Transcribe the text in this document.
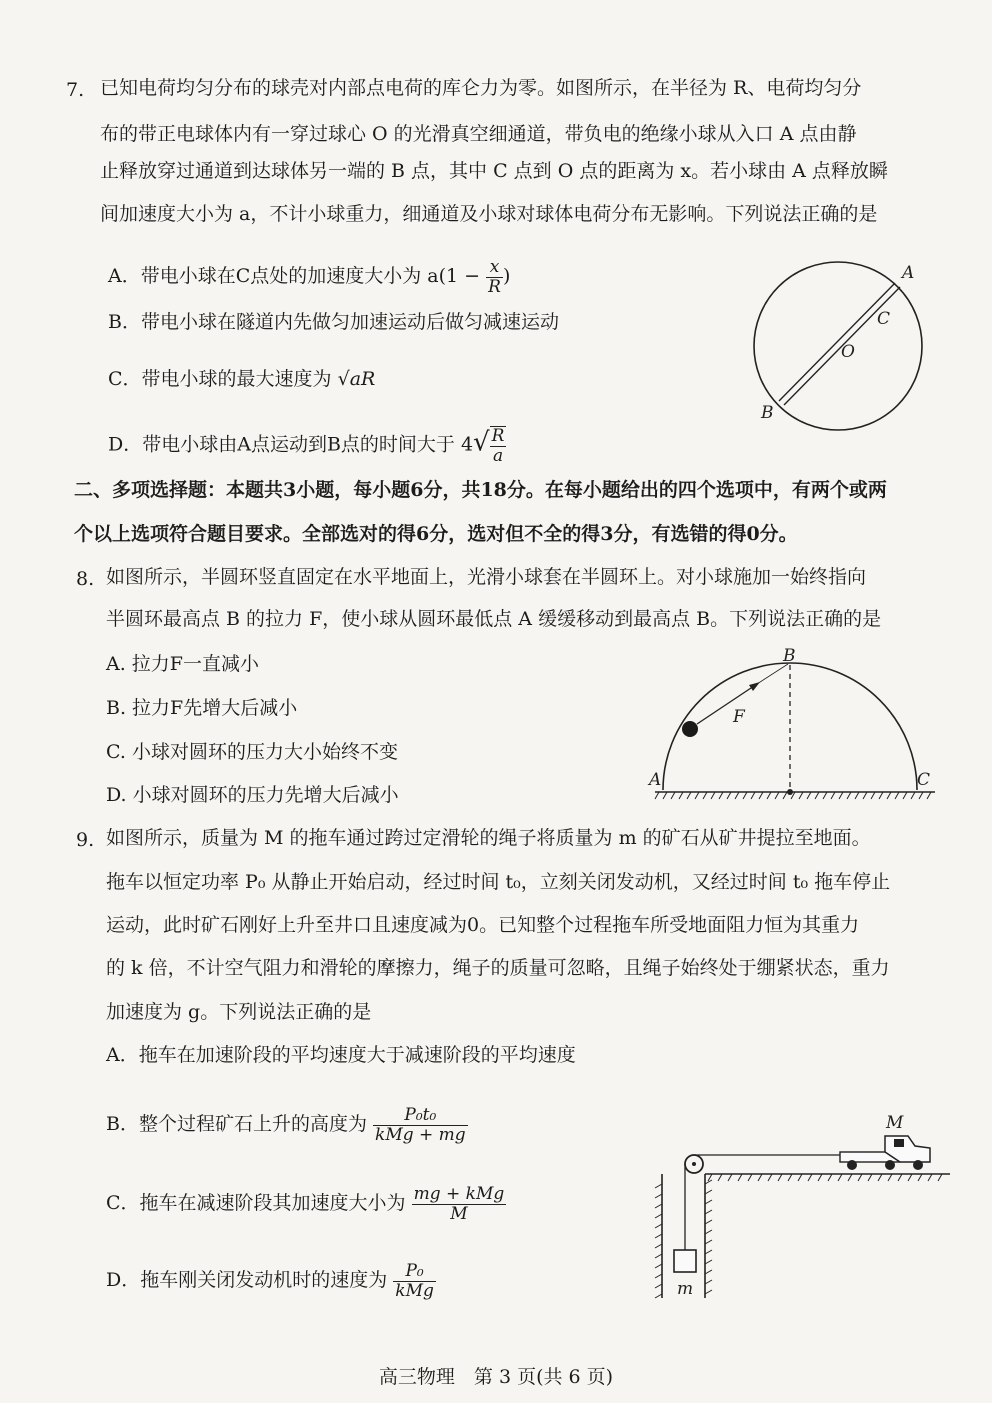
7. 已知电荷均匀分布的球壳对内部点电荷的库仑力为零。如图所示，在半径为 R、电荷均匀分
布的带正电球体内有一穿过球心 O 的光滑真空细通道，带负电的绝缘小球从入口 A 点由静
止释放穿过通道到达球体另一端的 B 点，其中 C 点到 O 点的距离为 x。若小球由 A 点释放瞬
间加速度大小为 a，不计小球重力，细通道及小球对球体电荷分布无影响。下列说法正确的是
A．带电小球在C点处的加速度大小为 $a(1 - \frac{x}{R}$ )
B．带电小球在隧道内先做匀加速运动后做匀减速运动
C．带电小球的最大速度为 √aR
D．带电小球由A点运动到B点的时间大于 $4√ \frac{R}{a}$
A
C
O
B
二、多项选择题：本题共3小题，每小题6分，共18分。在每小题给出的四个选项中，有两个或两
个以上选项符合题目要求。全部选对的得6分，选对但不全的得3分，有选错的得0分。
8. 如图所示，半圆环竖直固定在水平地面上，光滑小球套在半圆环上。对小球施加一始终指向
半圆环最高点 B 的拉力 F，使小球从圆环最低点 A 缓缓移动到最高点 B。下列说法正确的是
A. 拉力F一直减小
B. 拉力F先增大后减小
C. 小球对圆环的压力大小始终不变
D. 小球对圆环的压力先增大后减小
B
F
A	C
9. 如图所示，质量为 M 的拖车通过跨过定滑轮的绳子将质量为 m 的矿石从矿井提拉至地面。
拖车以恒定功率 P₀ 从静止开始启动，经过时间 t₀，立刻关闭发动机，又经过时间 t₀ 拖车停止
运动，此时矿石刚好上升至井口且速度减为0。已知整个过程拖车所受地面阻力恒为其重力
的 k 倍，不计空气阻力和滑轮的摩擦力，绳子的质量可忽略，且绳子始终处于绷紧状态，重力
加速度为 g。下列说法正确的是
A．拖车在加速阶段的平均速度大于减速阶段的平均速度
B．整个过程矿石上升的高度为 $\frac{\text{P₀t₀}}{\text{kMg + mg}}$
C．拖车在减速阶段其加速度大小为 $\frac{\text{mg + kMg}}{M}$
D．拖车刚关闭发动机时的速度为 $\frac{\text{P₀}}{\text{kMg}}$	m
M
高三物理　第 3 页(共 6 页)
